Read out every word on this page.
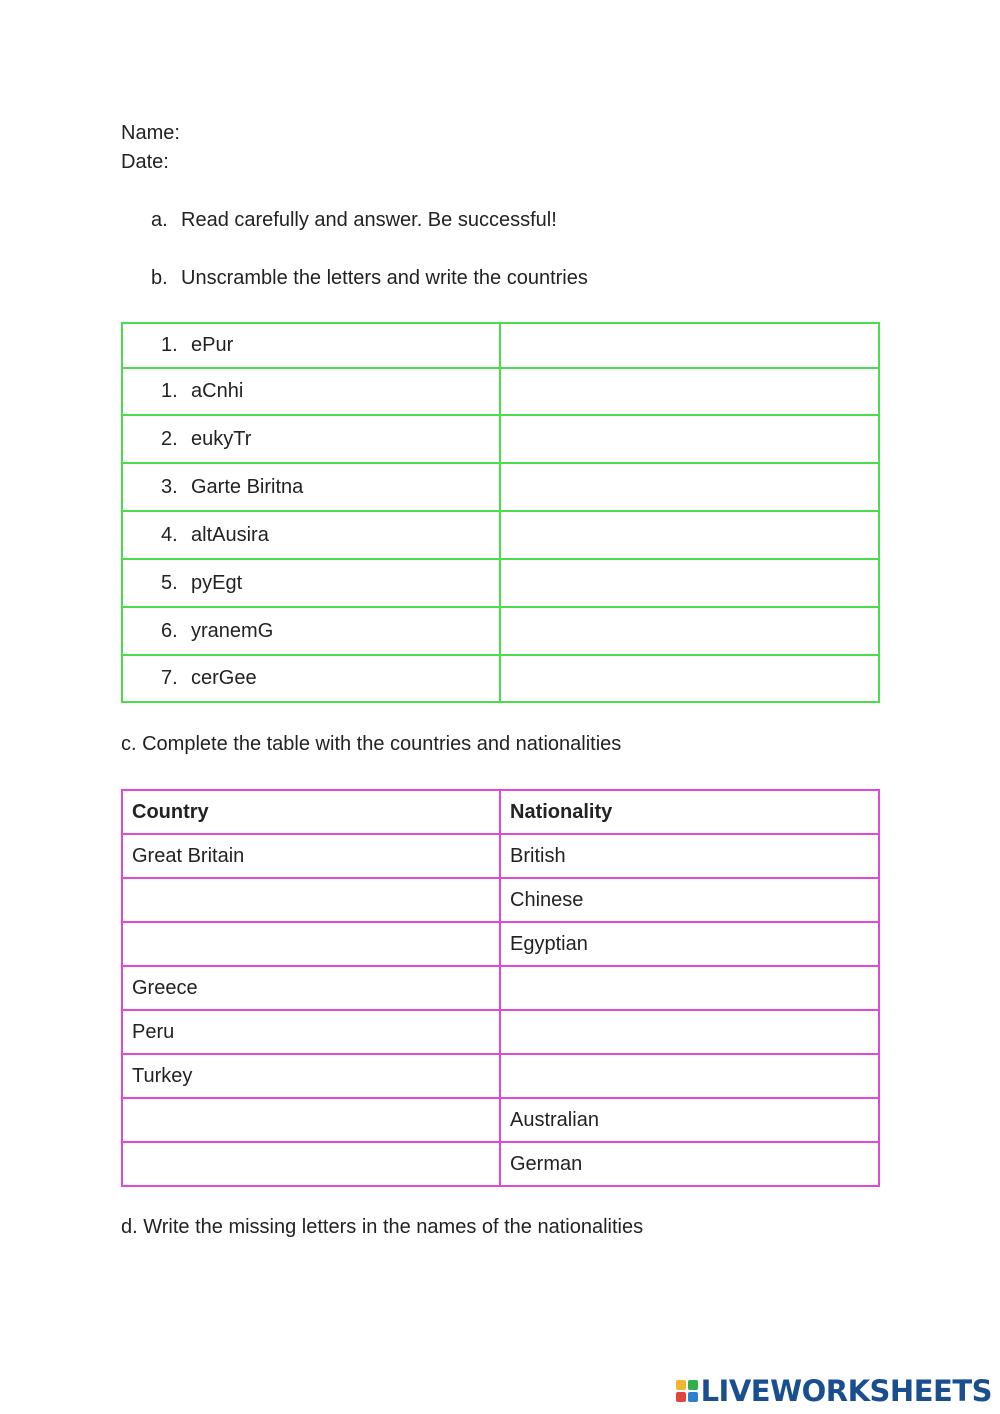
Name:
Date:
a. Read carefully and answer. Be successful!
b. Unscramble the letters and write the countries
1. ePur	
1. aCnhi	
2. eukyTr	
3. Garte Biritna	
4. altAusira	
5. pyEgt	
6. yranemG	
7. cerGee	
c. Complete the table with the countries and nationalities
Country	Nationality
Great Britain	British
	Chinese
	Egyptian
Greece	
Peru	
Turkey	
	Australian
	German
d. Write the missing letters in the names of the nationalities
LIVEWORKSHEETS
